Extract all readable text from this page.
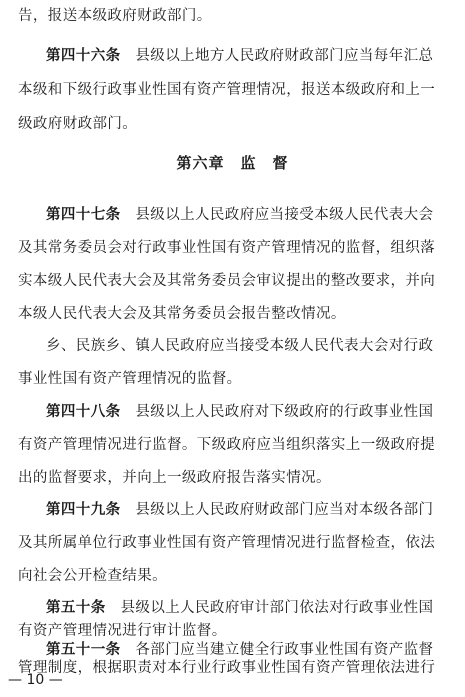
告，报送本级政府财政部门。
第四十六条　 县级以上地方人民政府财政部门应当每年汇总
本级和下级行政事业性国有资产管理情况，报送本级政府和上一
级政府财政部门。
第六章 监　督
第四十七条　 县级以上人民政府应当接受本级人民代表大会
及其常务委员会对行政事业性国有资产管理情况的监督，组织落
实本级人民代表大会及其常务委员会审议提出的整改要求，并向
本级人民代表大会及其常务委员会报告整改情况。
乡、民族乡、镇人民政府应当接受本级人民代表大会对行政
事业性国有资产管理情况的监督。
第四十八条　 县级以上人民政府对下级政府的行政事业性国
有资产管理情况进行监督。下级政府应当组织落实上一级政府提
出的监督要求，并向上一级政府报告落实情况。
第四十九条　 县级以上人民政府财政部门应当对本级各部门
及其所属单位行政事业性国有资产管理情况进行监督检查，依法
向社会公开检查结果。
第五十条　 县级以上人民政府审计部门依法对行政事业性国
有资产管理情况进行审计监督。
第五十一条　 各部门应当建立健全行政事业性国有资产监督
管理制度，根据职责对本行业行政事业性国有资产管理依法进行
— 10 —
